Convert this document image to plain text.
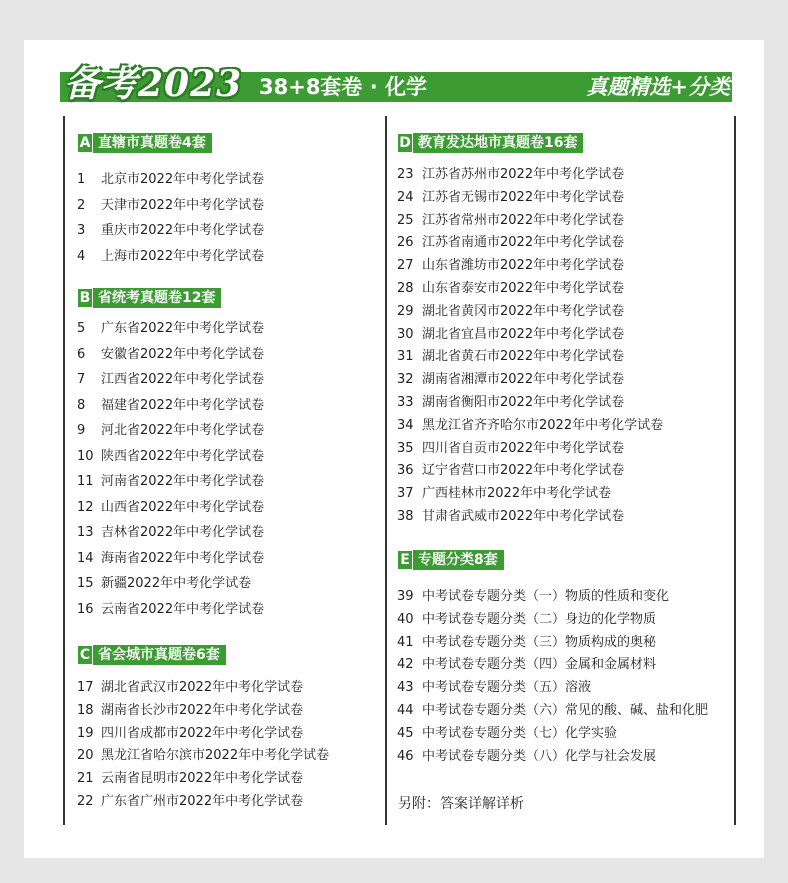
备考2023 38+8套卷 · 化学	真题精选+分类
A 直辖市真题卷4套
1 北京市2022年中考化学试卷
2 天津市2022年中考化学试卷
3 重庆市2022年中考化学试卷
4 上海市2022年中考化学试卷
B 省统考真题卷12套
5 广东省2022年中考化学试卷
6 安徽省2022年中考化学试卷
7 江西省2022年中考化学试卷
8 福建省2022年中考化学试卷
9 河北省2022年中考化学试卷
10 陕西省2022年中考化学试卷
11 河南省2022年中考化学试卷
12 山西省2022年中考化学试卷
13 吉林省2022年中考化学试卷
14 海南省2022年中考化学试卷
15 新疆2022年中考化学试卷
16 云南省2022年中考化学试卷
C 省会城市真题卷6套
17 湖北省武汉市2022年中考化学试卷
18 湖南省长沙市2022年中考化学试卷
19 四川省成都市2022年中考化学试卷
20 黑龙江省哈尔滨市2022年中考化学试卷
21 云南省昆明市2022年中考化学试卷
22 广东省广州市2022年中考化学试卷
D 教育发达地市真题卷16套
23 江苏省苏州市2022年中考化学试卷
24 江苏省无锡市2022年中考化学试卷
25 江苏省常州市2022年中考化学试卷
26 江苏省南通市2022年中考化学试卷
27 山东省潍坊市2022年中考化学试卷
28 山东省泰安市2022年中考化学试卷
29 湖北省黄冈市2022年中考化学试卷
30 湖北省宜昌市2022年中考化学试卷
31 湖北省黄石市2022年中考化学试卷
32 湖南省湘潭市2022年中考化学试卷
33 湖南省衡阳市2022年中考化学试卷
34 黑龙江省齐齐哈尔市2022年中考化学试卷
35 四川省自贡市2022年中考化学试卷
36 辽宁省营口市2022年中考化学试卷
37 广西桂林市2022年中考化学试卷
38 甘肃省武威市2022年中考化学试卷
E 专题分类8套
39 中考试卷专题分类（一）物质的性质和变化
40 中考试卷专题分类（二）身边的化学物质
41 中考试卷专题分类（三）物质构成的奥秘
42 中考试卷专题分类（四）金属和金属材料
43 中考试卷专题分类（五）溶液
44 中考试卷专题分类（六）常见的酸、碱、盐和化肥
45 中考试卷专题分类（七）化学实验
46 中考试卷专题分类（八）化学与社会发展
另附：答案详解详析
